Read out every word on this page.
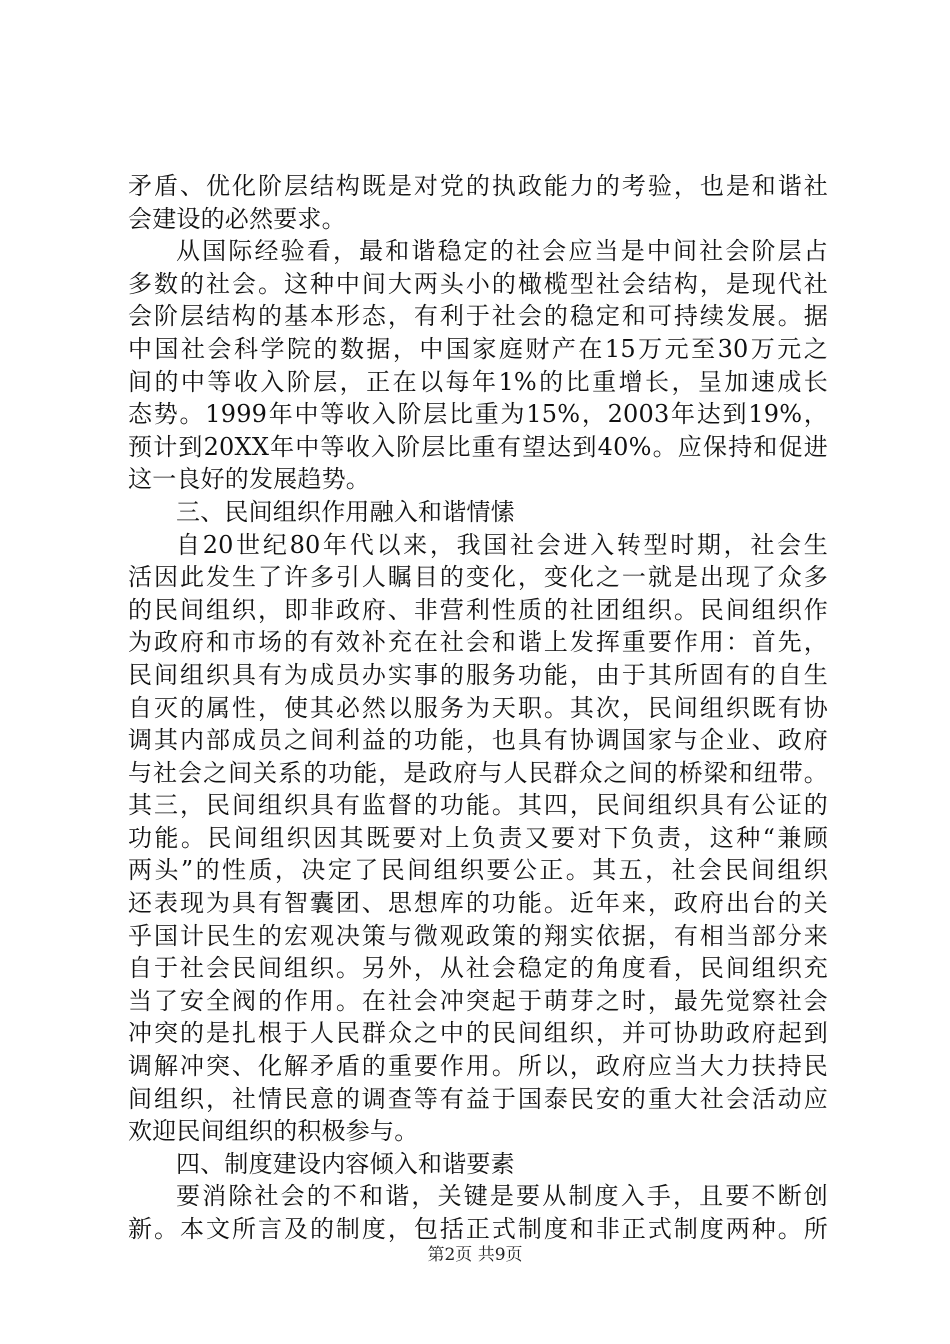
矛盾、优化阶层结构既是对党的执政能力的考验，也是和谐社
会建设的必然要求。
从国际经验看，最和谐稳定的社会应当是中间社会阶层占
多数的社会。这种中间大两头小的橄榄型社会结构，是现代社
会阶层结构的基本形态，有利于社会的稳定和可持续发展。据
中国社会科学院的数据，中国家庭财产在15万元至30万元之
间的中等收入阶层，正在以每年1%的比重增长，呈加速成长
态势。1999年中等收入阶层比重为15%，2003年达到19%，
预计到20XX年中等收入阶层比重有望达到40%。应保持和促进
这一良好的发展趋势。
三、民间组织作用融入和谐情愫
自20世纪80年代以来，我国社会进入转型时期，社会生
活因此发生了许多引人瞩目的变化，变化之一就是出现了众多
的民间组织，即非政府、非营利性质的社团组织。民间组织作
为政府和市场的有效补充在社会和谐上发挥重要作用：首先，
民间组织具有为成员办实事的服务功能，由于其所固有的自生
自灭的属性，使其必然以服务为天职。其次，民间组织既有协
调其内部成员之间利益的功能，也具有协调国家与企业、政府
与社会之间关系的功能，是政府与人民群众之间的桥梁和纽带。
其三，民间组织具有监督的功能。其四，民间组织具有公证的
功能。民间组织因其既要对上负责又要对下负责，这种“兼顾
两头”的性质，决定了民间组织要公正。其五，社会民间组织
还表现为具有智囊团、思想库的功能。近年来，政府出台的关
乎国计民生的宏观决策与微观政策的翔实依据，有相当部分来
自于社会民间组织。另外，从社会稳定的角度看，民间组织充
当了安全阀的作用。在社会冲突起于萌芽之时，最先觉察社会
冲突的是扎根于人民群众之中的民间组织，并可协助政府起到
调解冲突、化解矛盾的重要作用。所以，政府应当大力扶持民
间组织，社情民意的调查等有益于国泰民安的重大社会活动应
欢迎民间组织的积极参与。
四、制度建设内容倾入和谐要素
要消除社会的不和谐，关键是要从制度入手，且要不断创
新。本文所言及的制度，包括正式制度和非正式制度两种。所
第2页 共9页
